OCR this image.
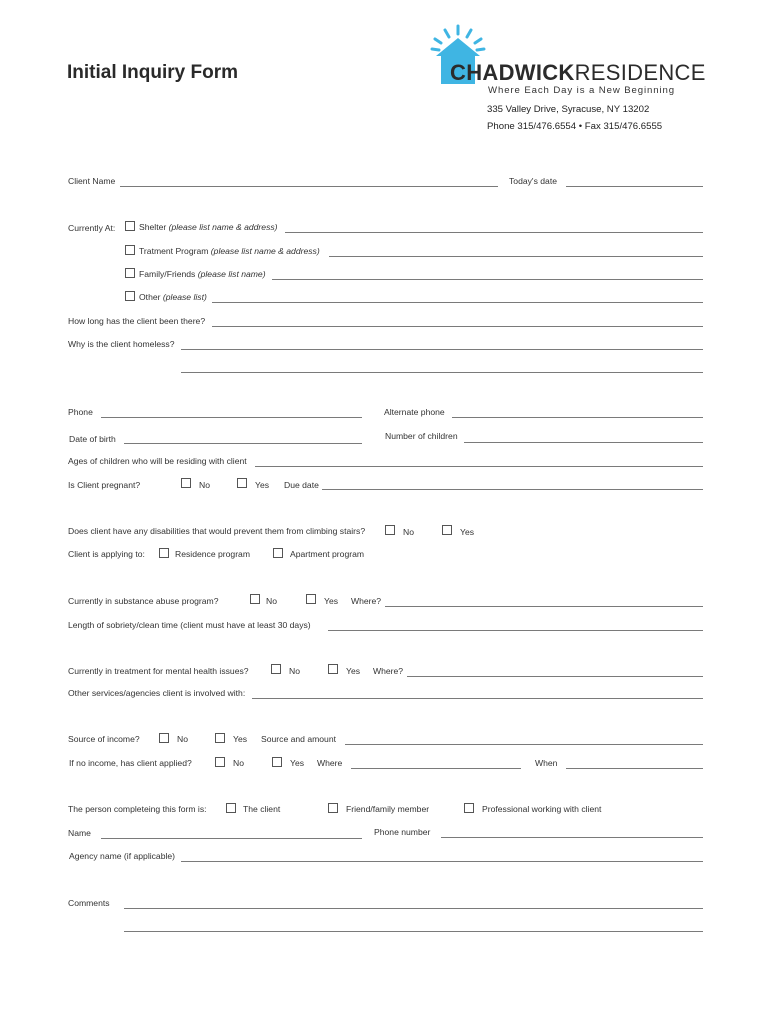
Initial Inquiry Form	CHADWICKRESIDENCE
Where Each Day is a New Beginning
335 Valley Drive, Syracuse, NY 13202
Phone 315/476.6554 • Fax 315/476.6555
Client Name	Today's date
Currently At:	Shelter (please list name & address)
Tratment Program (please list name & address)
Family/Friends (please list name)
Other (please list)
How long has the client been there?
Why is the client homeless?
Phone	Alternate phone
Date of birth	Number of children
Ages of children who will be residing with client
Is Client pregnant?	No	Yes Due date
Does client have any disabilities that would prevent them from climbing stairs?	No	Yes
Client is applying to:	Residence program	Apartment program
Currently in substance abuse program?	No	Yes Where?
Length of sobriety/clean time (client must have at least 30 days)
Currently in treatment for mental health issues?	No	Yes Where?
Other services/agencies client is involved with:
Source of income?	No	Yes Source and amount
If no income, has client applied?	No	Yes Where	When
The person completeing this form is:	The client	Friend/family member	Professional working with client
Name	Phone number
Agency name (if applicable)
Comments
